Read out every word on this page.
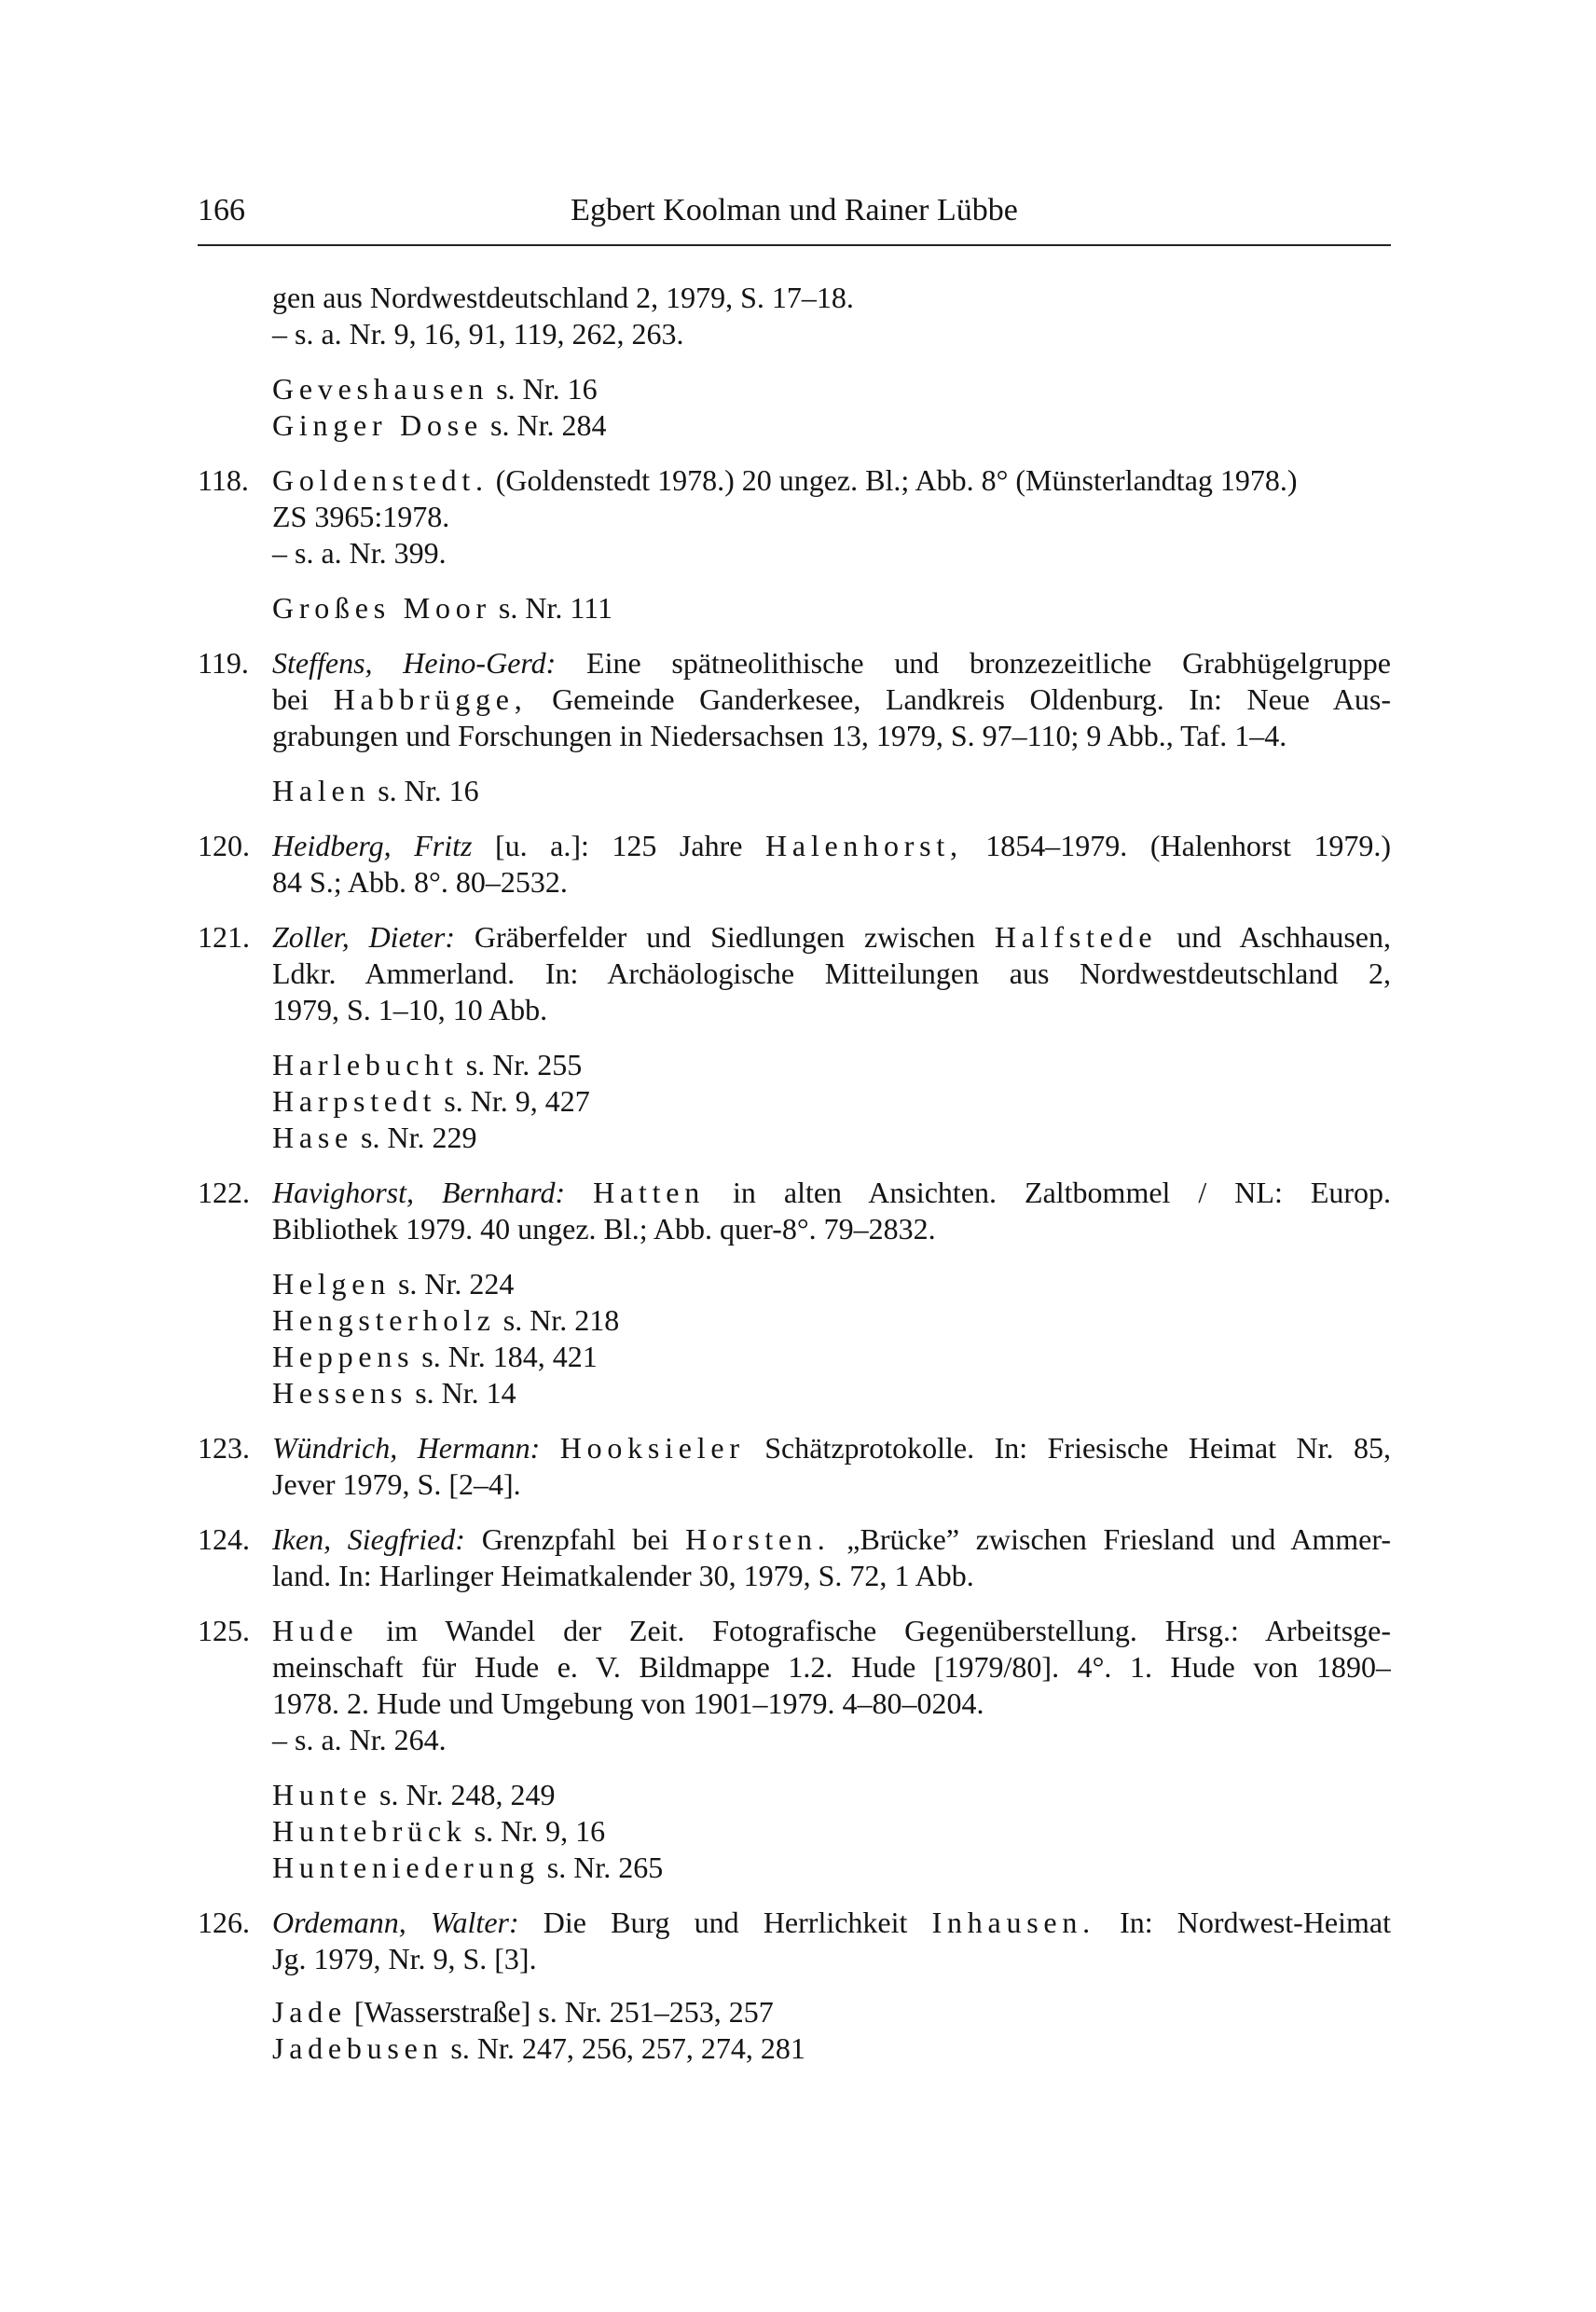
166	Egbert Koolman und Rainer Lübbe
gen aus Nordwestdeutschland 2, 1979, S. 17–18.
– s. a. Nr. 9, 16, 91, 119, 262, 263.
Geveshausen s. Nr. 16
Ginger Dose s. Nr. 284
118. Goldenstedt. (Goldenstedt 1978.) 20 ungez. Bl.; Abb. 8° (Münsterlandtag 1978.)
ZS 3965:1978.
– s. a. Nr. 399.
Großes Moor s. Nr. 111
119. Steffens, Heino-Gerd: Eine spätneolithische und bronzezeitliche Grabhügelgruppe
bei Habbrügge, Gemeinde Ganderkesee, Landkreis Oldenburg. In: Neue Aus-
grabungen und Forschungen in Niedersachsen 13, 1979, S. 97–110; 9 Abb., Taf. 1–4.
Halen s. Nr. 16
120. Heidberg, Fritz [u. a.]: 125 Jahre Halenhorst, 1854–1979. (Halenhorst 1979.)
84 S.; Abb. 8°. 80–2532.
121. Zoller, Dieter: Gräberfelder und Siedlungen zwischen Halfstede und Aschhausen,
Ldkr. Ammerland. In: Archäologische Mitteilungen aus Nordwestdeutschland 2,
1979, S. 1–10, 10 Abb.
Harlebucht s. Nr. 255
Harpstedt s. Nr. 9, 427
Hase s. Nr. 229
122. Havighorst, Bernhard: Hatten in alten Ansichten. Zaltbommel / NL: Europ.
Bibliothek 1979. 40 ungez. Bl.; Abb. quer-8°. 79–2832.
Helgen s. Nr. 224
Hengsterholz s. Nr. 218
Heppens s. Nr. 184, 421
Hessens s. Nr. 14
123. Wündrich, Hermann: Hooksieler Schätzprotokolle. In: Friesische Heimat Nr. 85,
Jever 1979, S. [2–4].
124. Iken, Siegfried: Grenzpfahl bei Horsten. „Brücke” zwischen Friesland und Ammer-
land. In: Harlinger Heimatkalender 30, 1979, S. 72, 1 Abb.
125. Hude im Wandel der Zeit. Fotografische Gegenüberstellung. Hrsg.: Arbeitsge-
meinschaft für Hude e. V. Bildmappe 1.2. Hude [1979/80]. 4°. 1. Hude von 1890–
1978. 2. Hude und Umgebung von 1901–1979. 4–80–0204.
– s. a. Nr. 264.
Hunte s. Nr. 248, 249
Huntebrück s. Nr. 9, 16
Hunteniederung s. Nr. 265
126. Ordemann, Walter: Die Burg und Herrlichkeit Inhausen. In: Nordwest-Heimat
Jg. 1979, Nr. 9, S. [3].
Jade [Wasserstraße] s. Nr. 251–253, 257
Jadebusen s. Nr. 247, 256, 257, 274, 281
